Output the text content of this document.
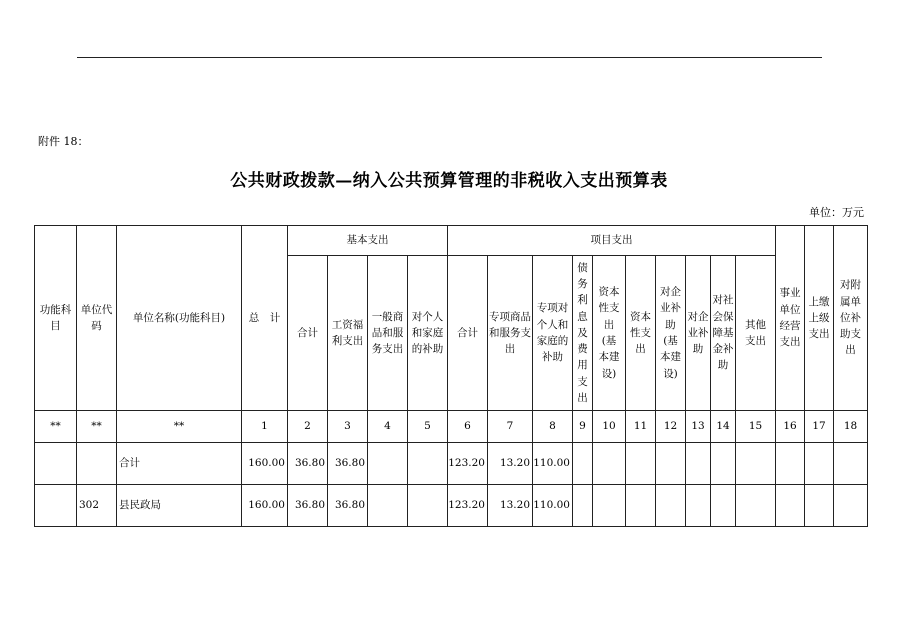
附件 18：
公共财政拨款—纳入公共预算管理的非税收入支出预算表
单位：万元
功能科目	单位代码	单位名称(功能科目)	总　计	基本支出				项目支出										事业单位经营支出	上缴上级支出	对附属单位补助支出

				合计	工资福利支出	一般商品和服务支出	对个人和家庭的补助	合计	专项商品和服务支出	专项对个人和家庭的补助	债务利息及费用支出	资本性支出(基本建设)	资本性支出	对企业补助(基本建设)	对企业补助	对社会保障基金补助	其他支出			

**	**	**	1	2	3	4	5	6	7	8	9	10	11	12	13	14	15	16	17	18
		合计	160.00	36.80	36.80			123.20	13.20	110.00										
	302	县民政局	160.00	36.80	36.80			123.20	13.20	110.00										
